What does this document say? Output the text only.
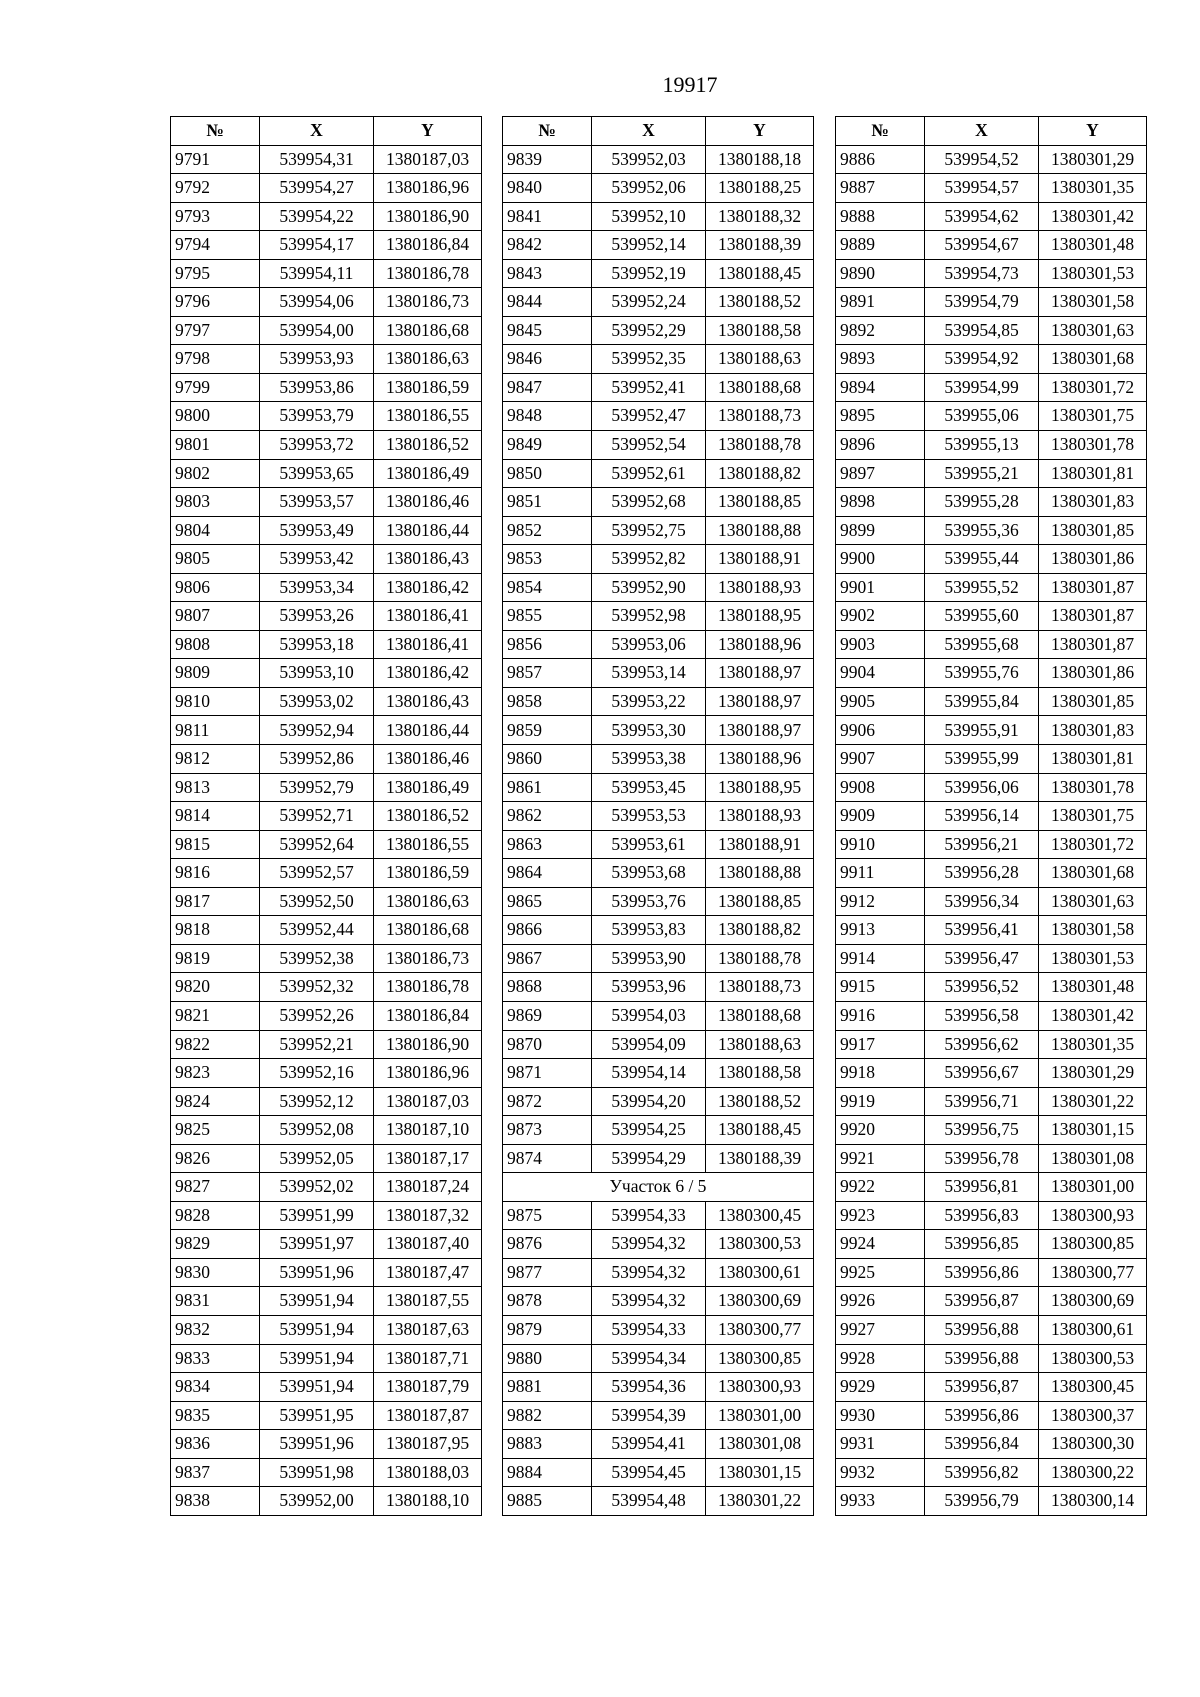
19917
№	X	Y
9791	539954,31	1380187,03
9792	539954,27	1380186,96
9793	539954,22	1380186,90
9794	539954,17	1380186,84
9795	539954,11	1380186,78
9796	539954,06	1380186,73
9797	539954,00	1380186,68
9798	539953,93	1380186,63
9799	539953,86	1380186,59
9800	539953,79	1380186,55
9801	539953,72	1380186,52
9802	539953,65	1380186,49
9803	539953,57	1380186,46
9804	539953,49	1380186,44
9805	539953,42	1380186,43
9806	539953,34	1380186,42
9807	539953,26	1380186,41
9808	539953,18	1380186,41
9809	539953,10	1380186,42
9810	539953,02	1380186,43
9811	539952,94	1380186,44
9812	539952,86	1380186,46
9813	539952,79	1380186,49
9814	539952,71	1380186,52
9815	539952,64	1380186,55
9816	539952,57	1380186,59
9817	539952,50	1380186,63
9818	539952,44	1380186,68
9819	539952,38	1380186,73
9820	539952,32	1380186,78
9821	539952,26	1380186,84
9822	539952,21	1380186,90
9823	539952,16	1380186,96
9824	539952,12	1380187,03
9825	539952,08	1380187,10
9826	539952,05	1380187,17
9827	539952,02	1380187,24
9828	539951,99	1380187,32
9829	539951,97	1380187,40
9830	539951,96	1380187,47
9831	539951,94	1380187,55
9832	539951,94	1380187,63
9833	539951,94	1380187,71
9834	539951,94	1380187,79
9835	539951,95	1380187,87
9836	539951,96	1380187,95
9837	539951,98	1380188,03
9838	539952,00	1380188,10
№	X	Y
9839	539952,03	1380188,18
9840	539952,06	1380188,25
9841	539952,10	1380188,32
9842	539952,14	1380188,39
9843	539952,19	1380188,45
9844	539952,24	1380188,52
9845	539952,29	1380188,58
9846	539952,35	1380188,63
9847	539952,41	1380188,68
9848	539952,47	1380188,73
9849	539952,54	1380188,78
9850	539952,61	1380188,82
9851	539952,68	1380188,85
9852	539952,75	1380188,88
9853	539952,82	1380188,91
9854	539952,90	1380188,93
9855	539952,98	1380188,95
9856	539953,06	1380188,96
9857	539953,14	1380188,97
9858	539953,22	1380188,97
9859	539953,30	1380188,97
9860	539953,38	1380188,96
9861	539953,45	1380188,95
9862	539953,53	1380188,93
9863	539953,61	1380188,91
9864	539953,68	1380188,88
9865	539953,76	1380188,85
9866	539953,83	1380188,82
9867	539953,90	1380188,78
9868	539953,96	1380188,73
9869	539954,03	1380188,68
9870	539954,09	1380188,63
9871	539954,14	1380188,58
9872	539954,20	1380188,52
9873	539954,25	1380188,45
9874	539954,29	1380188,39
Участок 6 / 5		
9875	539954,33	1380300,45
9876	539954,32	1380300,53
9877	539954,32	1380300,61
9878	539954,32	1380300,69
9879	539954,33	1380300,77
9880	539954,34	1380300,85
9881	539954,36	1380300,93
9882	539954,39	1380301,00
9883	539954,41	1380301,08
9884	539954,45	1380301,15
9885	539954,48	1380301,22
№	X	Y
9886	539954,52	1380301,29
9887	539954,57	1380301,35
9888	539954,62	1380301,42
9889	539954,67	1380301,48
9890	539954,73	1380301,53
9891	539954,79	1380301,58
9892	539954,85	1380301,63
9893	539954,92	1380301,68
9894	539954,99	1380301,72
9895	539955,06	1380301,75
9896	539955,13	1380301,78
9897	539955,21	1380301,81
9898	539955,28	1380301,83
9899	539955,36	1380301,85
9900	539955,44	1380301,86
9901	539955,52	1380301,87
9902	539955,60	1380301,87
9903	539955,68	1380301,87
9904	539955,76	1380301,86
9905	539955,84	1380301,85
9906	539955,91	1380301,83
9907	539955,99	1380301,81
9908	539956,06	1380301,78
9909	539956,14	1380301,75
9910	539956,21	1380301,72
9911	539956,28	1380301,68
9912	539956,34	1380301,63
9913	539956,41	1380301,58
9914	539956,47	1380301,53
9915	539956,52	1380301,48
9916	539956,58	1380301,42
9917	539956,62	1380301,35
9918	539956,67	1380301,29
9919	539956,71	1380301,22
9920	539956,75	1380301,15
9921	539956,78	1380301,08
9922	539956,81	1380301,00
9923	539956,83	1380300,93
9924	539956,85	1380300,85
9925	539956,86	1380300,77
9926	539956,87	1380300,69
9927	539956,88	1380300,61
9928	539956,88	1380300,53
9929	539956,87	1380300,45
9930	539956,86	1380300,37
9931	539956,84	1380300,30
9932	539956,82	1380300,22
9933	539956,79	1380300,14
